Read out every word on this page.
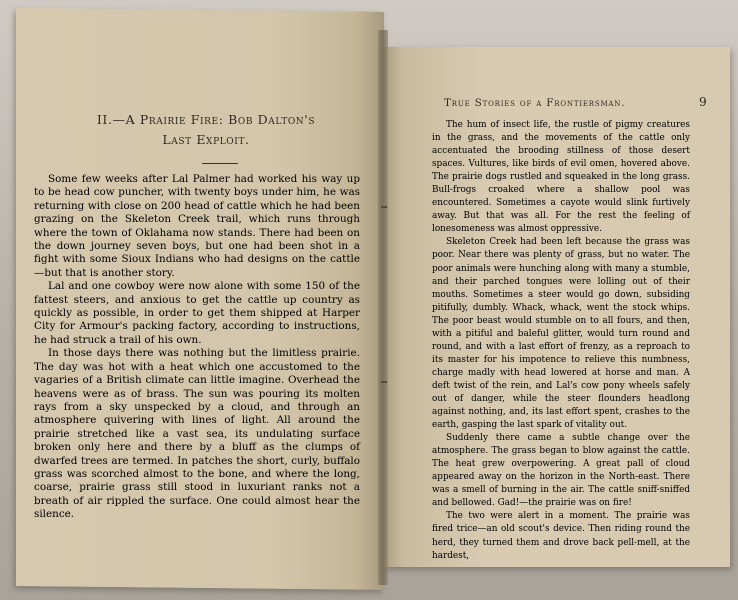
II.—A Prairie Fire: Bob Dalton's
Last Exploit.

Some few weeks after Lal Palmer had worked his way up to be head cow puncher, with twenty boys under him, he was returning with close on 200 head of cattle which he had been grazing on the Skeleton Creek trail, which runs through where the town of Oklahama now stands. There had been on the down journey seven boys, but one had been shot in a fight with some Sioux Indians who had designs on the cattle—but that is another story.

Lal and one cowboy were now alone with some 150 of the fattest steers, and anxious to get the cattle up country as quickly as possible, in order to get them shipped at Harper City for Armour's packing factory, according to instructions, he had struck a trail of his own.

In those days there was nothing but the limitless prairie. The day was hot with a heat which one accustomed to the vagaries of a British climate can little imagine. Overhead the heavens were as of brass. The sun was pouring its molten rays from a sky unspecked by a cloud, and through an atmosphere quivering with lines of light. All around the prairie stretched like a vast sea, its undulating surface broken only here and there by a bluff as the clumps of dwarfed trees are termed. In patches the short, curly, buffalo grass was scorched almost to the bone, and where the long, coarse, prairie grass still stood in luxuriant ranks not a breath of air rippled the surface. One could almost hear the silence.

True Stories of a Frontiersman.	9

The hum of insect life, the rustle of pigmy creatures in the grass, and the movements of the cattle only accentuated the brooding stillness of those desert spaces. Vultures, like birds of evil omen, hovered above. The prairie dogs rustled and squeaked in the long grass. Bull-frogs croaked where a shallow pool was encountered. Sometimes a cayote would slink furtively away. But that was all. For the rest the feeling of lonesomeness was almost oppressive.

Skeleton Creek had been left because the grass was poor. Near there was plenty of grass, but no water. The poor animals were hunching along with many a stumble, and their parched tongues were lolling out of their mouths. Sometimes a steer would go down, subsiding pitifully, dumbly. Whack, whack, went the stock whips. The poor beast would stumble on to all fours, and then, with a pitiful and baleful glitter, would turn round and round, and with a last effort of frenzy, as a reproach to its master for his impotence to relieve this numbness, charge madly with head lowered at horse and man. A deft twist of the rein, and Lal's cow pony wheels safely out of danger, while the steer flounders headlong against nothing, and, its last effort spent, crashes to the earth, gasping the last spark of vitality out.

Suddenly there came a subtle change over the atmosphere. The grass began to blow against the cattle. The heat grew overpowering. A great pall of cloud appeared away on the horizon in the North-east. There was a smell of burning in the air. The cattle sniff-sniffed and bellowed. Gad!—the prairie was on fire!

The two were alert in a moment. The prairie was fired trice—an old scout's device. Then riding round the herd, they turned them and drove back pell-mell, at the hardest,
